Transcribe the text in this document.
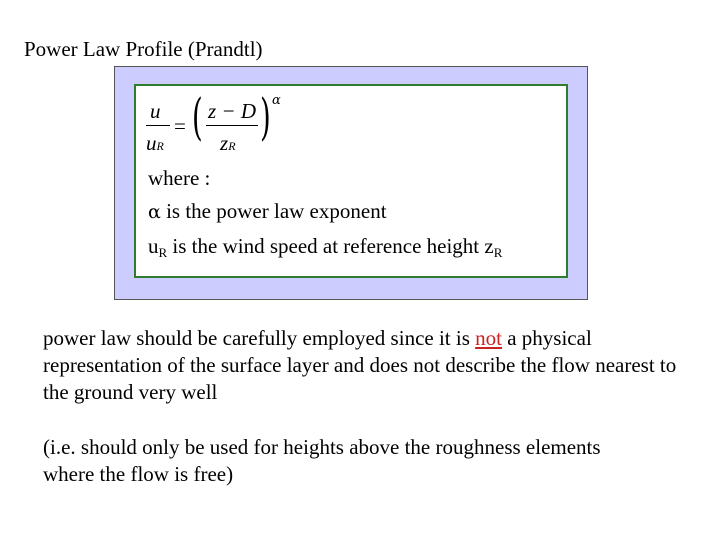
Power Law Profile (Prandtl)
u
uR
= ( z − D
zR ) α
where :
α is the power law exponent
$u_R$ is the wind speed at reference height $z_R$
power law should be carefully employed since it is not a physical representation of the surface layer and does not describe the flow nearest to the ground very well
(i.e. should only be used for heights above the roughness elements where the flow is free)
